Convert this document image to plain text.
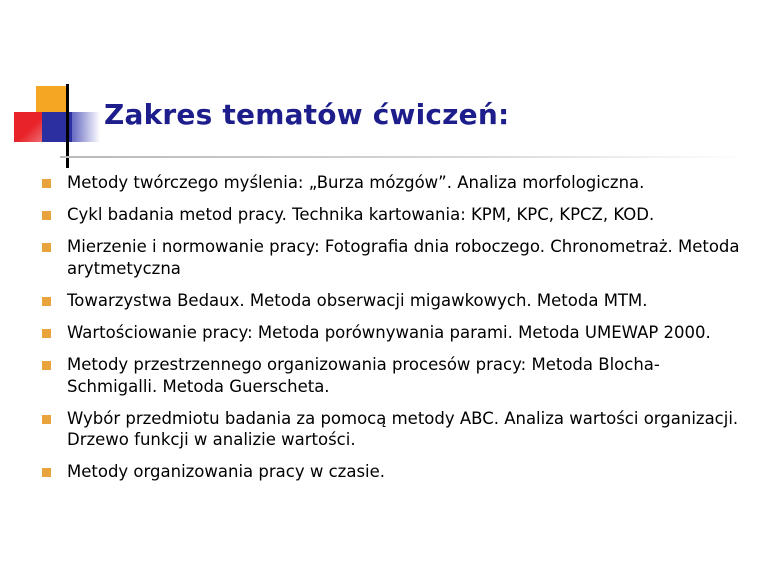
Zakres tematów ćwiczeń:
Metody twórczego myślenia: „Burza mózgów”. Analiza morfologiczna.
Cykl badania metod pracy. Technika kartowania: KPM, KPC, KPCZ, KOD.
Mierzenie i normowanie pracy: Fotografia dnia roboczego. Chronometraż. Metoda arytmetyczna
Towarzystwa Bedaux. Metoda obserwacji migawkowych. Metoda MTM.
Wartościowanie pracy: Metoda porównywania parami. Metoda UMEWAP 2000.
Metody przestrzennego organizowania procesów pracy: Metoda Blocha-Schmigalli. Metoda Guerscheta.
Wybór przedmiotu badania za pomocą metody ABC. Analiza wartości organizacji. Drzewo funkcji w analizie wartości.
Metody organizowania pracy w czasie.
